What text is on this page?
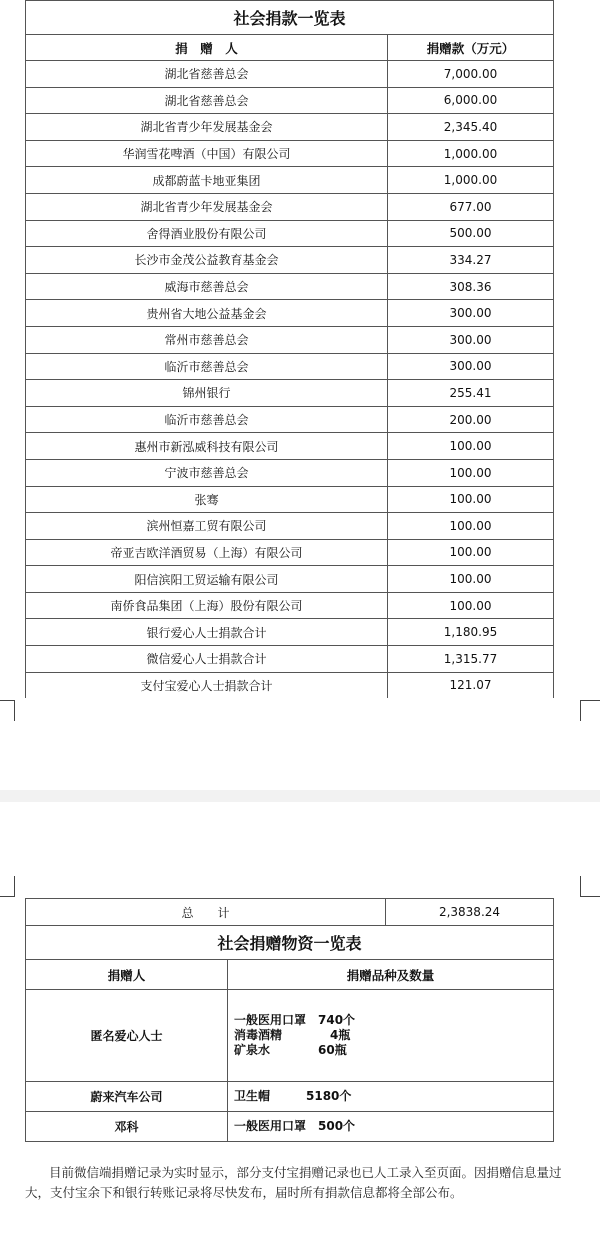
社会捐款一览表	
捐　赠　人	捐赠款（万元）
湖北省慈善总会	7,000.00
湖北省慈善总会	6,000.00
湖北省青少年发展基金会	2,345.40
华润雪花啤酒（中国）有限公司	1,000.00
成都蔚蓝卡地亚集团	1,000.00
湖北省青少年发展基金会	677.00
舍得酒业股份有限公司	500.00
长沙市金茂公益教育基金会	334.27
威海市慈善总会	308.36
贵州省大地公益基金会	300.00
常州市慈善总会	300.00
临沂市慈善总会	300.00
锦州银行	255.41
临沂市慈善总会	200.00
惠州市新泓威科技有限公司	100.00
宁波市慈善总会	100.00
张骞	100.00
滨州恒嘉工贸有限公司	100.00
帝亚吉欧洋酒贸易（上海）有限公司	100.00
阳信滨阳工贸运输有限公司	100.00
南侨食品集团（上海）股份有限公司	100.00
银行爱心人士捐款合计	1,180.95
微信爱心人士捐款合计	1,315.77
支付宝爱心人士捐款合计	121.07
总　　计	2,3838.24
社会捐赠物资一览表	
捐赠人	捐赠品种及数量
匿名爱心人士	一般医用口罩　740个
消毒酒精　　　　4瓶
矿泉水　　　　60瓶

蔚来汽车公司	卫生帽　　　5180个

邓科	一般医用口罩　500个

目前微信端捐赠记录为实时显示，部分支付宝捐赠记录也已人工录入至页面。因捐赠信息量过大，支付宝余下和银行转账记录将尽快发布，届时所有捐款信息都将全部公布。
